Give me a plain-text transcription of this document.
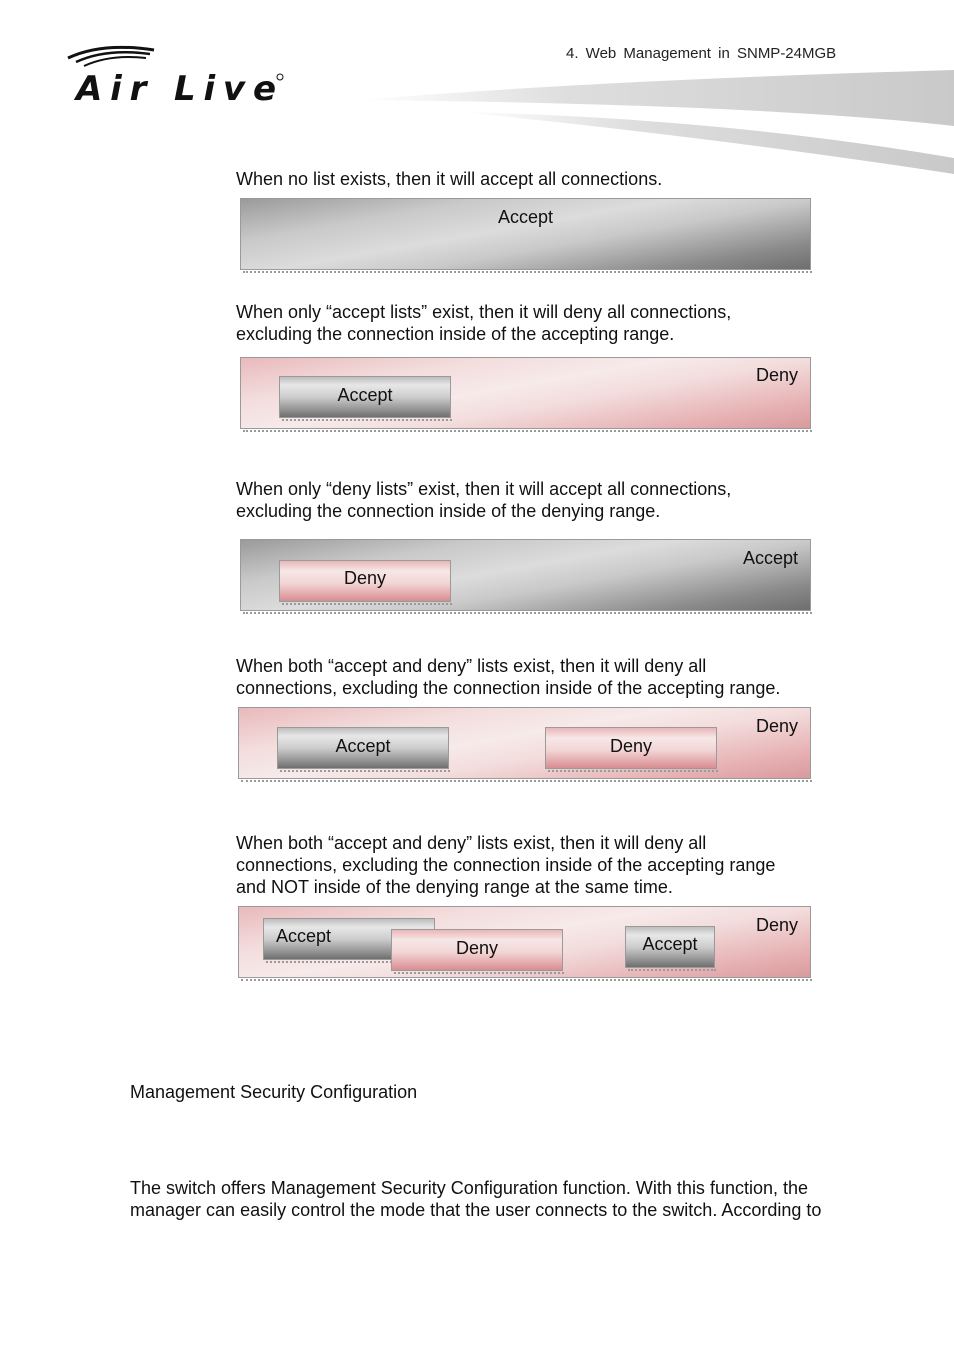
4. Web Management in SNMP-24MGB
Air Live
When no list exists, then it will accept all connections.
Accept
When only “accept lists” exist, then it will deny all connections,
excluding the connection inside of the accepting range.
Deny
Accept
When only “deny lists” exist, then it will accept all connections,
excluding the connection inside of the denying range.
Accept
Deny
When both “accept and deny” lists exist, then it will deny all
connections, excluding the connection inside of the accepting range.
Deny
Accept	Deny
When both “accept and deny” lists exist, then it will deny all
connections, excluding the connection inside of the accepting range
and NOT inside of the denying range at the same time.
Deny
Accept
Deny	Accept
Management Security Configuration
The switch offers Management Security Configuration function. With this function, the
manager can easily control the mode that the user connects to the switch. According to
